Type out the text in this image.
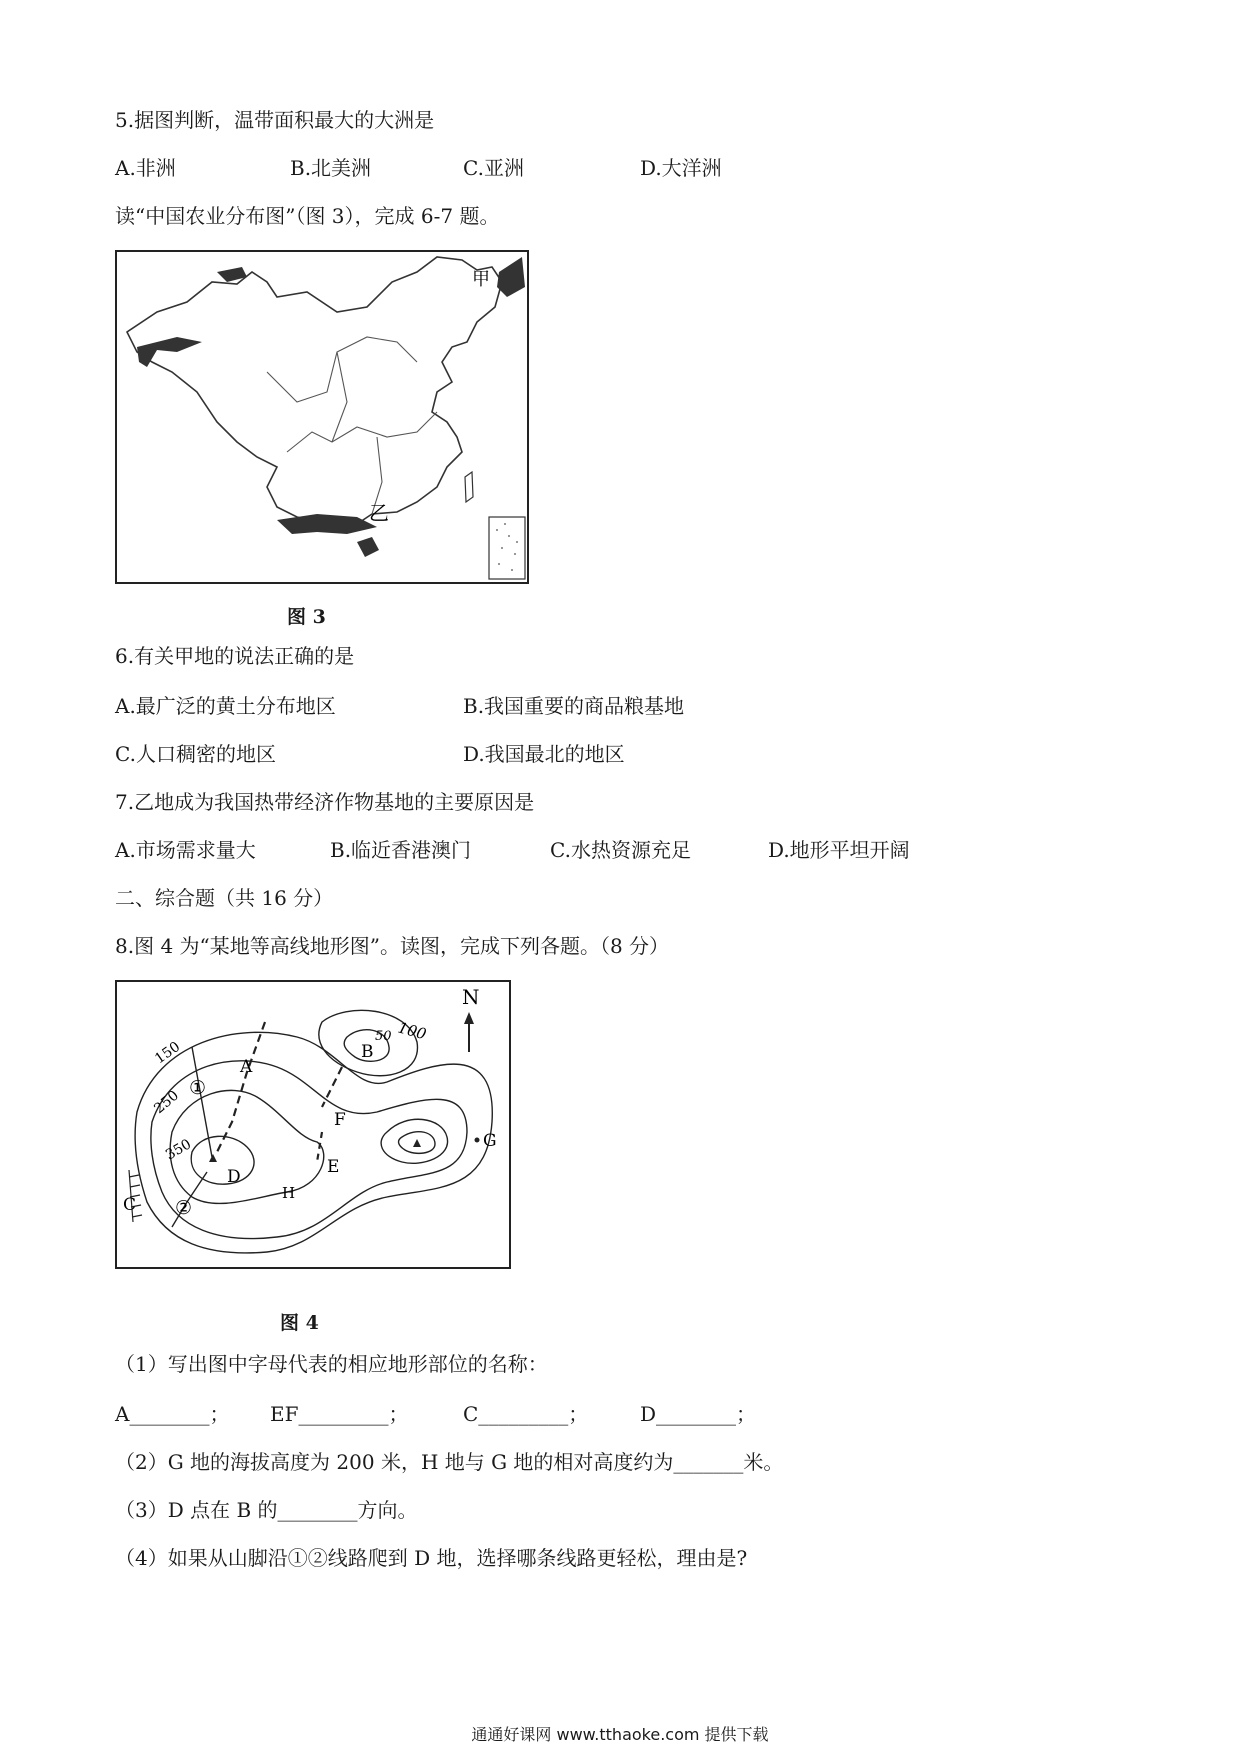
5.据图判断，温带面积最大的大洲是
A.非洲	B.北美洲	C.亚洲	D.大洋洲
读“中国农业分布图”（图 3），完成 6-7 题。
甲
乙
图 3
6.有关甲地的说法正确的是
A.最广泛的黄土分布地区	B.我国重要的商品粮基地
C.人口稠密的地区	D.我国最北的地区
7.乙地成为我国热带经济作物基地的主要原因是
A.市场需求量大	B.临近香港澳门	C.水热资源充足	D.地形平坦开阔
二、综合题（共 16 分）
8.图 4 为“某地等高线地形图”。读图，完成下列各题。（8 分）
N
150
250
350
100
50
A
B
C
D	E
F
G
H
①
②
图 4
（1）写出图中字母代表的相应地形部位的名称：
A________； EF_________；	C_________；	D________；
（2）G 地的海拔高度为 200 米，H 地与 G 地的相对高度约为_______米。
（3）D 点在 B 的________方向。
（4）如果从山脚沿①②线路爬到 D 地，选择哪条线路更轻松，理由是?
通通好课网 www.tthaoke.com 提供下载
